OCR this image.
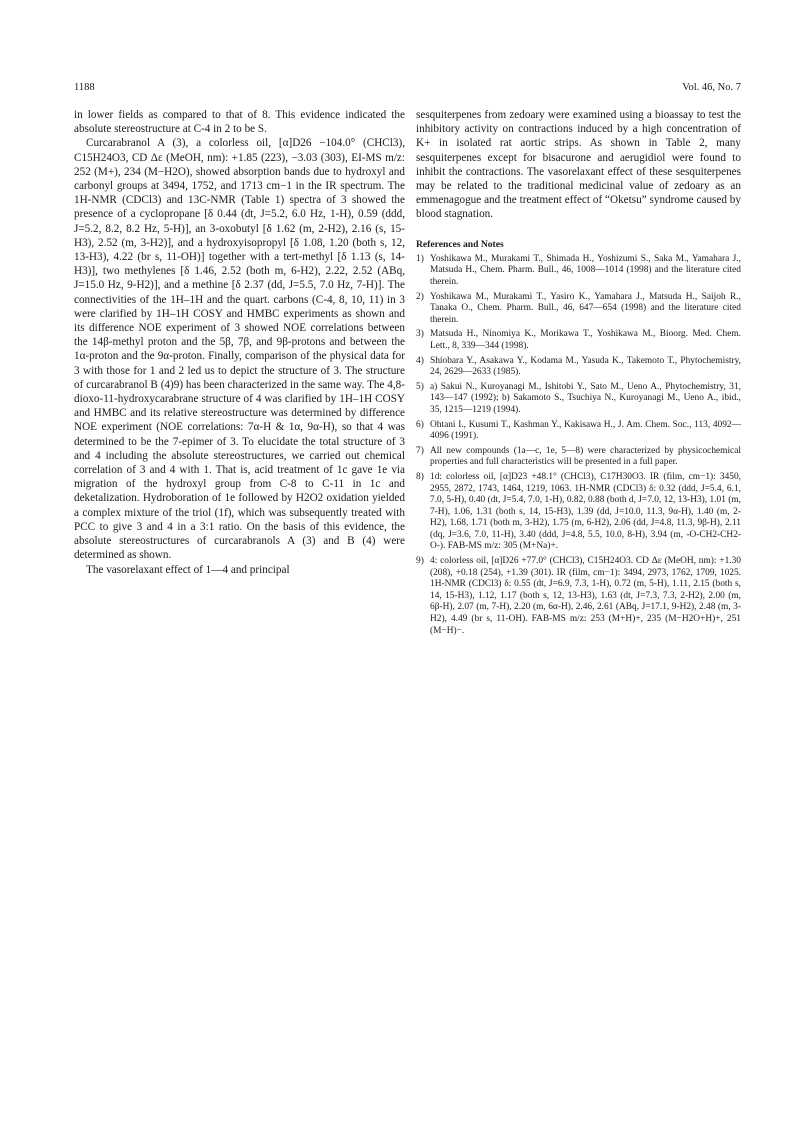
1188	Vol. 46, No. 7

in lower fields as compared to that of 8. This evidence indicated the absolute stereostructure at C-4 in 2 to be S.

Curcarabranol A (3), a colorless oil, [α]D26 −104.0° (CHCl3), C15H24O3, CD Δε (MeOH, nm): +1.85 (223), −3.03 (303), EI-MS m/z: 252 (M+), 234 (M−H2O), showed absorption bands due to hydroxyl and carbonyl groups at 3494, 1752, and 1713 cm−1 in the IR spectrum. The 1H-NMR (CDCl3) and 13C-NMR (Table 1) spectra of 3 showed the presence of a cyclopropane [δ 0.44 (dt, J=5.2, 6.0 Hz, 1-H), 0.59 (ddd, J=5.2, 8.2, 8.2 Hz, 5-H)], an 3-oxobutyl [δ 1.62 (m, 2-H2), 2.16 (s, 15-H3), 2.52 (m, 3-H2)], and a hydroxyisopropyl [δ 1.08, 1.20 (both s, 12, 13-H3), 4.22 (br s, 11-OH)] together with a tert-methyl [δ 1.13 (s, 14-H3)], two methylenes [δ 1.46, 2.52 (both m, 6-H2), 2.22, 2.52 (ABq, J=15.0 Hz, 9-H2)], and a methine [δ 2.37 (dd, J=5.5, 7.0 Hz, 7-H)]. The connectivities of the 1H–1H and the quart. carbons (C-4, 8, 10, 11) in 3 were clarified by 1H–1H COSY and HMBC experiments as shown and its difference NOE experiment of 3 showed NOE correlations between the 14β-methyl proton and the 5β, 7β, and 9β-protons and between the 1α-proton and the 9α-proton. Finally, comparison of the physical data for 3 with those for 1 and 2 led us to depict the structure of 3. The structure of curcarabranol B (4)9) has been characterized in the same way. The 4,8-dioxo-11-hydroxycarabrane structure of 4 was clarified by 1H–1H COSY and HMBC and its relative stereostructure was determined by difference NOE experiment (NOE correlations: 7α-H & 1α, 9α-H), so that 4 was determined to be the 7-epimer of 3. To elucidate the total structure of 3 and 4 including the absolute stereostructures, we carried out chemical correlation of 3 and 4 with 1. That is, acid treatment of 1c gave 1e via migration of the hydroxyl group from C-8 to C-11 in 1c and deketalization. Hydroboration of 1e followed by H2O2 oxidation yielded a complex mixture of the triol (1f), which was subsequently treated with PCC to give 3 and 4 in a 3:1 ratio. On the basis of this evidence, the absolute stereostructures of curcarabranols A (3) and B (4) were determined as shown.

The vasorelaxant effect of 1—4 and principal

sesquiterpenes from zedoary were examined using a bioassay to test the inhibitory activity on contractions induced by a high concentration of K+ in isolated rat aortic strips. As shown in Table 2, many sesquiterpenes except for bisacurone and aerugidiol were found to inhibit the contractions. The vasorelaxant effect of these sesquiterpenes may be related to the traditional medicinal value of zedoary as an emmenagogue and the treatment effect of “Oketsu” syndrome caused by blood stagnation.

References and Notes
1) Yoshikawa M., Murakami T., Shimada H., Yoshizumi S., Saka M., Yamahara J., Matsuda H., Chem. Pharm. Bull., 46, 1008—1014 (1998) and the literature cited therein.
2) Yoshikawa M., Murakami T., Yasiro K., Yamahara J., Matsuda H., Saijoh R., Tanaka O., Chem. Pharm. Bull., 46, 647—654 (1998) and the literature cited therein.
3) Matsuda H., Ninomiya K., Morikawa T., Yoshikawa M., Bioorg. Med. Chem. Lett., 8, 339—344 (1998).
4) Shiobara Y., Asakawa Y., Kodama M., Yasuda K., Takemoto T., Phytochemistry, 24, 2629—2633 (1985).
5) a) Sakui N., Kuroyanagi M., Ishitobi Y., Sato M., Ueno A., Phytochemistry, 31, 143—147 (1992); b) Sakamoto S., Tsuchiya N., Kuroyanagi M., Ueno A., ibid., 35, 1215—1219 (1994).
6) Ohtani I., Kusumi T., Kashman Y., Kakisawa H., J. Am. Chem. Soc., 113, 4092—4096 (1991).
7) All new compounds (1a—c, 1e, 5—8) were characterized by physicochemical properties and full characteristics will be presented in a full paper.
8) 1d: colorless oil, [α]D23 +48.1° (CHCl3), C17H30O3. IR (film, cm−1): 3450, 2955, 2872, 1743, 1464, 1219, 1063. 1H-NMR (CDCl3) δ: 0.32 (ddd, J=5.4, 6.1, 7.0, 5-H), 0.40 (dt, J=5.4, 7.0, 1-H), 0.82, 0.88 (both d, J=7.0, 12, 13-H3), 1.01 (m, 7-H), 1.06, 1.31 (both s, 14, 15-H3), 1.39 (dd, J=10.0, 11.3, 9α-H), 1.40 (m, 2-H2), 1.68, 1.71 (both m, 3-H2), 1.75 (m, 6-H2), 2.06 (dd, J=4.8, 11.3, 9β-H), 2.11 (dq, J=3.6, 7.0, 11-H), 3.40 (ddd, J=4.8, 5.5, 10.0, 8-H), 3.94 (m, -O-CH2-CH2-O-). FAB-MS m/z: 305 (M+Na)+.
9) 4: colorless oil, [α]D26 +77.0° (CHCl3), C15H24O3. CD Δε (MeOH, nm): +1.30 (208), +0.18 (254), +1.39 (301). IR (film, cm−1): 3494, 2973, 1762, 1709, 1025. 1H-NMR (CDCl3) δ: 0.55 (dt, J=6.9, 7.3, 1-H), 0.72 (m, 5-H), 1.11, 2.15 (both s, 14, 15-H3), 1.12, 1.17 (both s, 12, 13-H3), 1.63 (dt, J=7.3, 7.3, 2-H2), 2.00 (m, 6β-H), 2.07 (m, 7-H), 2.20 (m, 6α-H), 2.46, 2.61 (ABq, J=17.1, 9-H2), 2.48 (m, 3-H2), 4.49 (br s, 11-OH). FAB-MS m/z: 253 (M+H)+, 235 (M−H2O+H)+, 251 (M−H)−.
